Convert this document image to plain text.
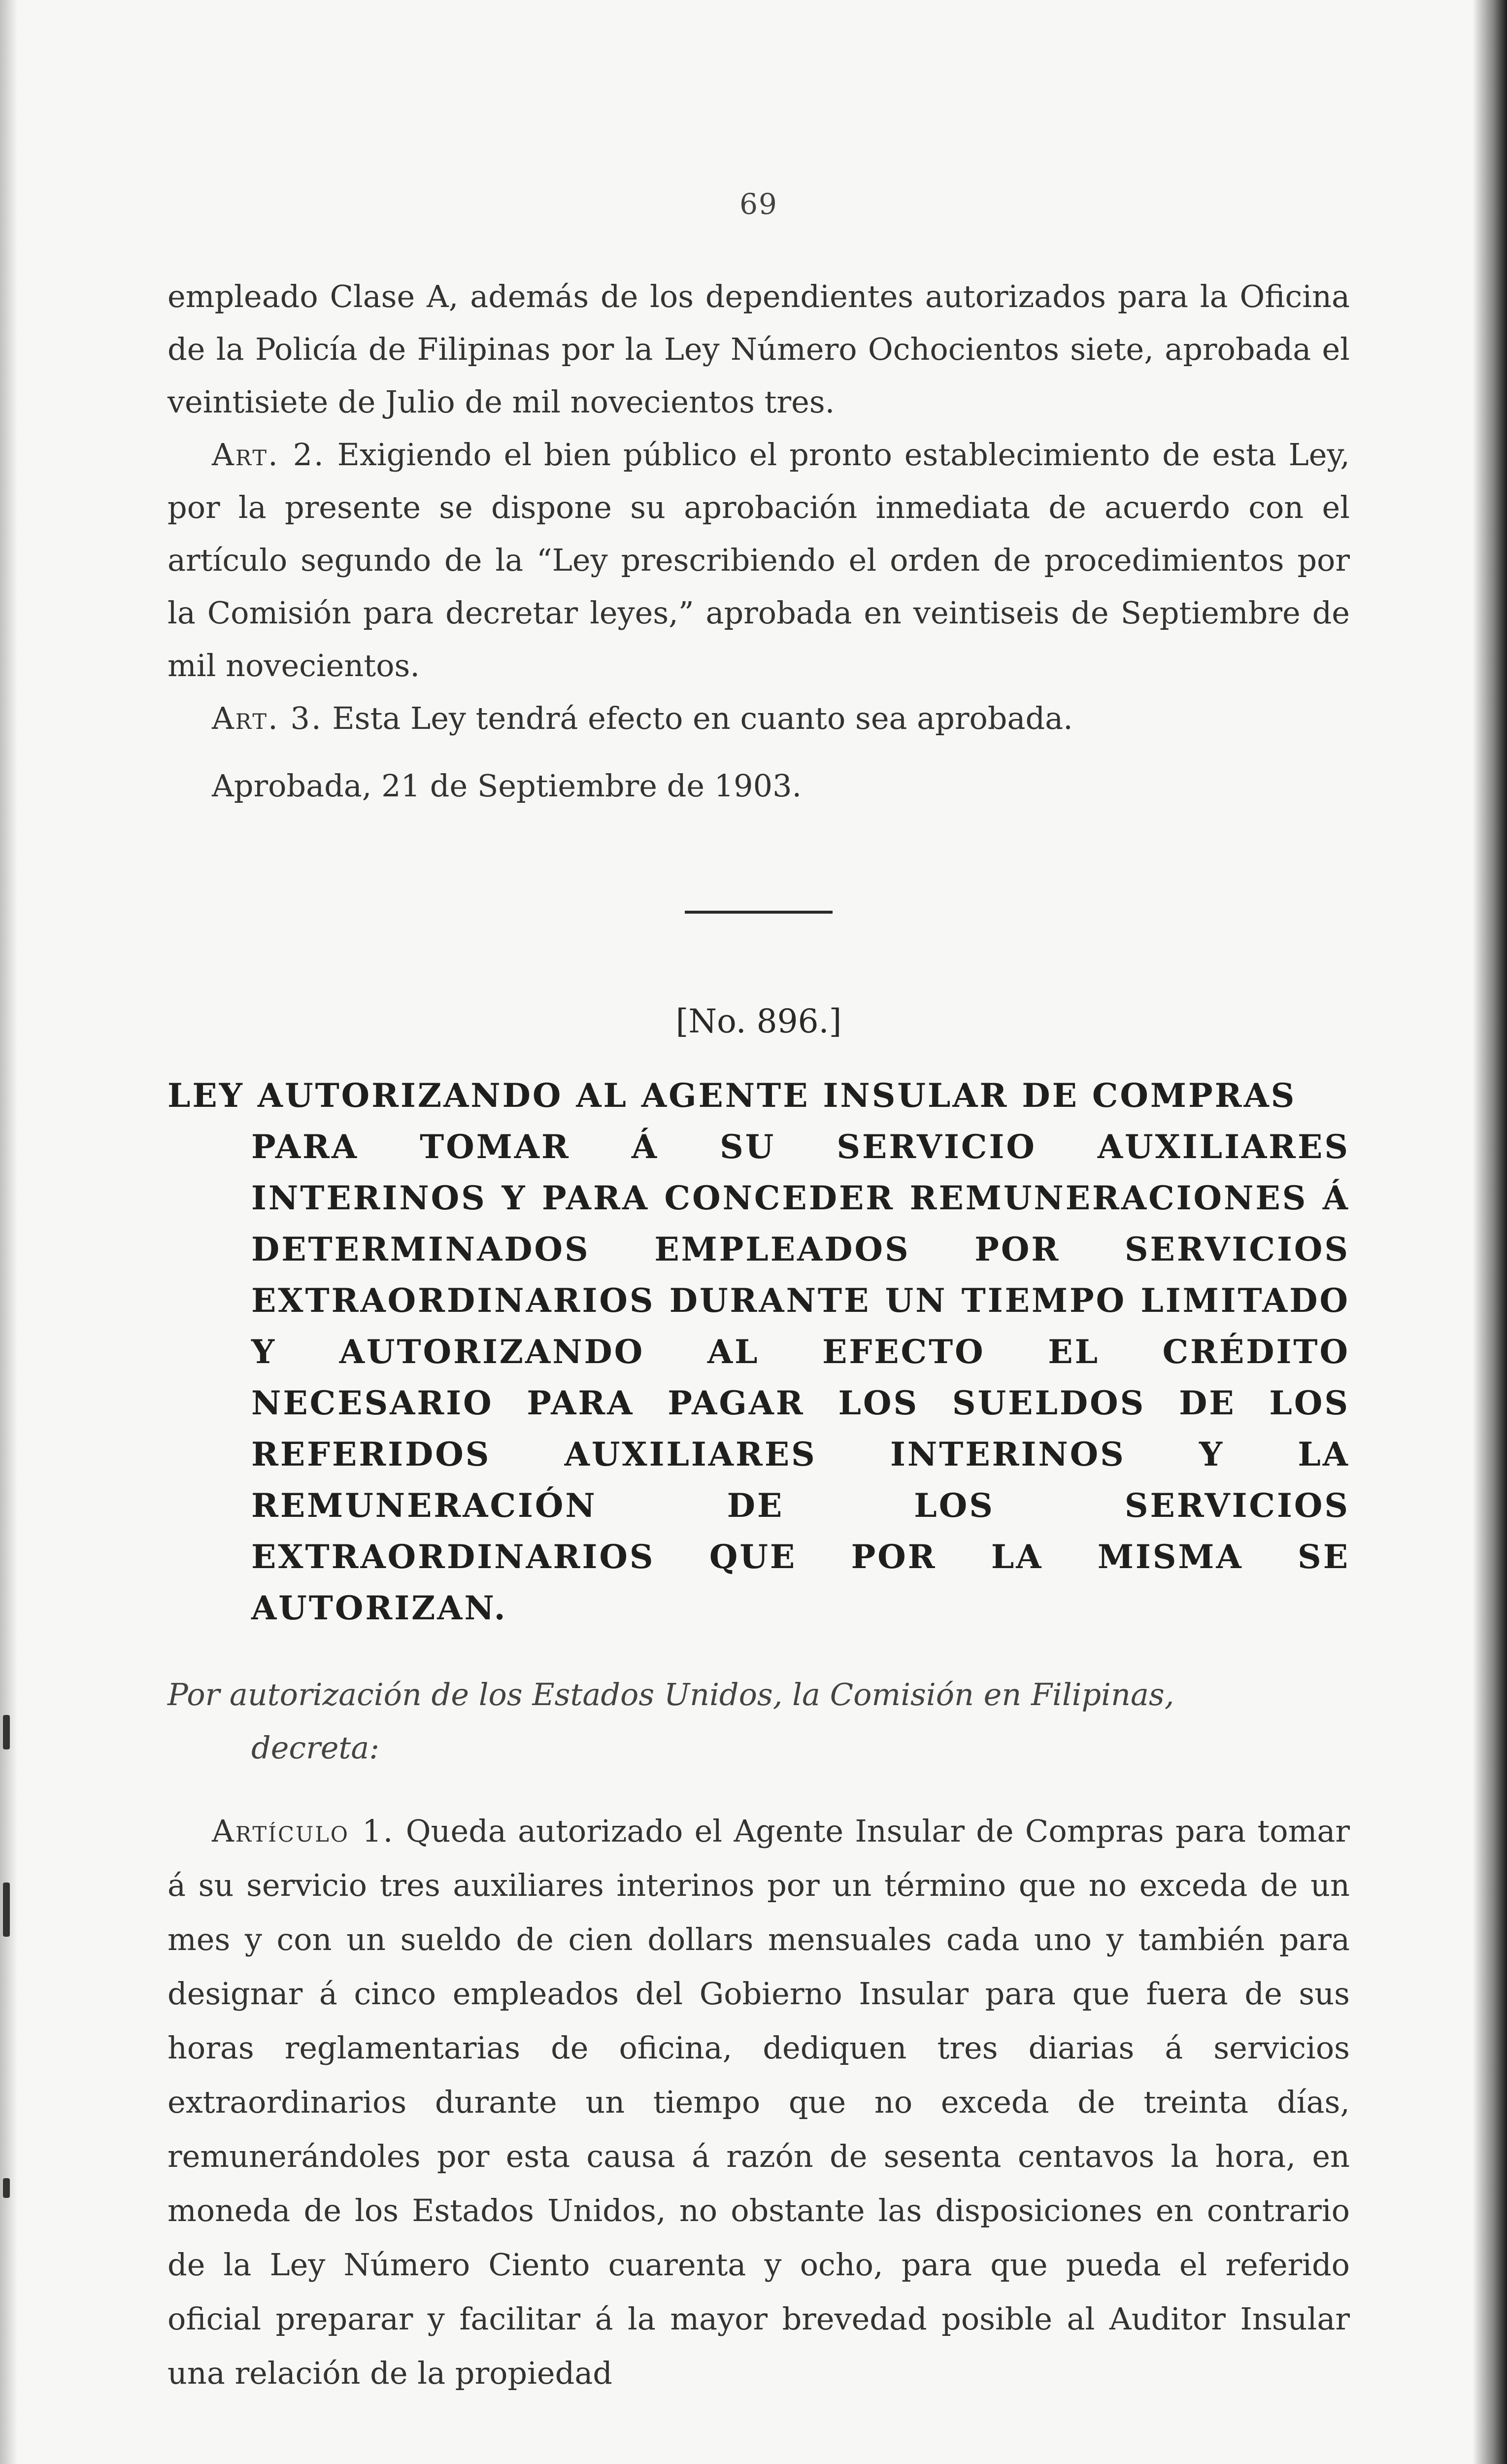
69

empleado Clase A, además de los dependientes autorizados para la Oficina de la Policía de Filipinas por la Ley Número Ochocientos siete, aprobada el veintisiete de Julio de mil novecientos tres.

Art. 2. Exigiendo el bien público el pronto establecimiento de esta Ley, por la presente se dispone su aprobación inmediata de acuerdo con el artículo segundo de la “Ley prescribiendo el orden de procedimientos por la Comisión para decretar leyes,” aprobada en veintiseis de Septiembre de mil novecientos.

Art. 3. Esta Ley tendrá efecto en cuanto sea aprobada.

Aprobada, 21 de Septiembre de 1903.

[No. 896.]
LEY AUTORIZANDO AL AGENTE INSULAR DE COMPRAS
PARA TOMAR Á SU SERVICIO AUXILIARES INTERINOS Y PARA CONCEDER REMUNERACIONES Á DETERMINADOS EMPLEADOS POR SERVICIOS EXTRAORDINARIOS DURANTE UN TIEMPO LIMITADO Y AUTORIZANDO AL EFECTO EL CRÉDITO NECESARIO PARA PAGAR LOS SUELDOS DE LOS REFERIDOS AUXILIARES INTERINOS Y LA REMUNERACIÓN DE LOS SERVICIOS EXTRAORDINARIOS QUE POR LA MISMA SE AUTORIZAN.

Por autorización de los Estados Unidos, la Comisión en Filipinas,
decreta:

Artículo 1. Queda autorizado el Agente Insular de Compras para tomar á su servicio tres auxiliares interinos por un término que no exceda de un mes y con un sueldo de cien dollars mensuales cada uno y también para designar á cinco empleados del Gobierno Insular para que fuera de sus horas reglamentarias de oficina, dediquen tres diarias á servicios extraordinarios durante un tiempo que no exceda de treinta días, remunerándoles por esta causa á razón de sesenta centavos la hora, en moneda de los Estados Unidos, no obstante las disposiciones en contrario de la Ley Número Ciento cuarenta y ocho, para que pueda el referido oficial preparar y facilitar á la mayor brevedad posible al Auditor Insular una relación de la propiedad
